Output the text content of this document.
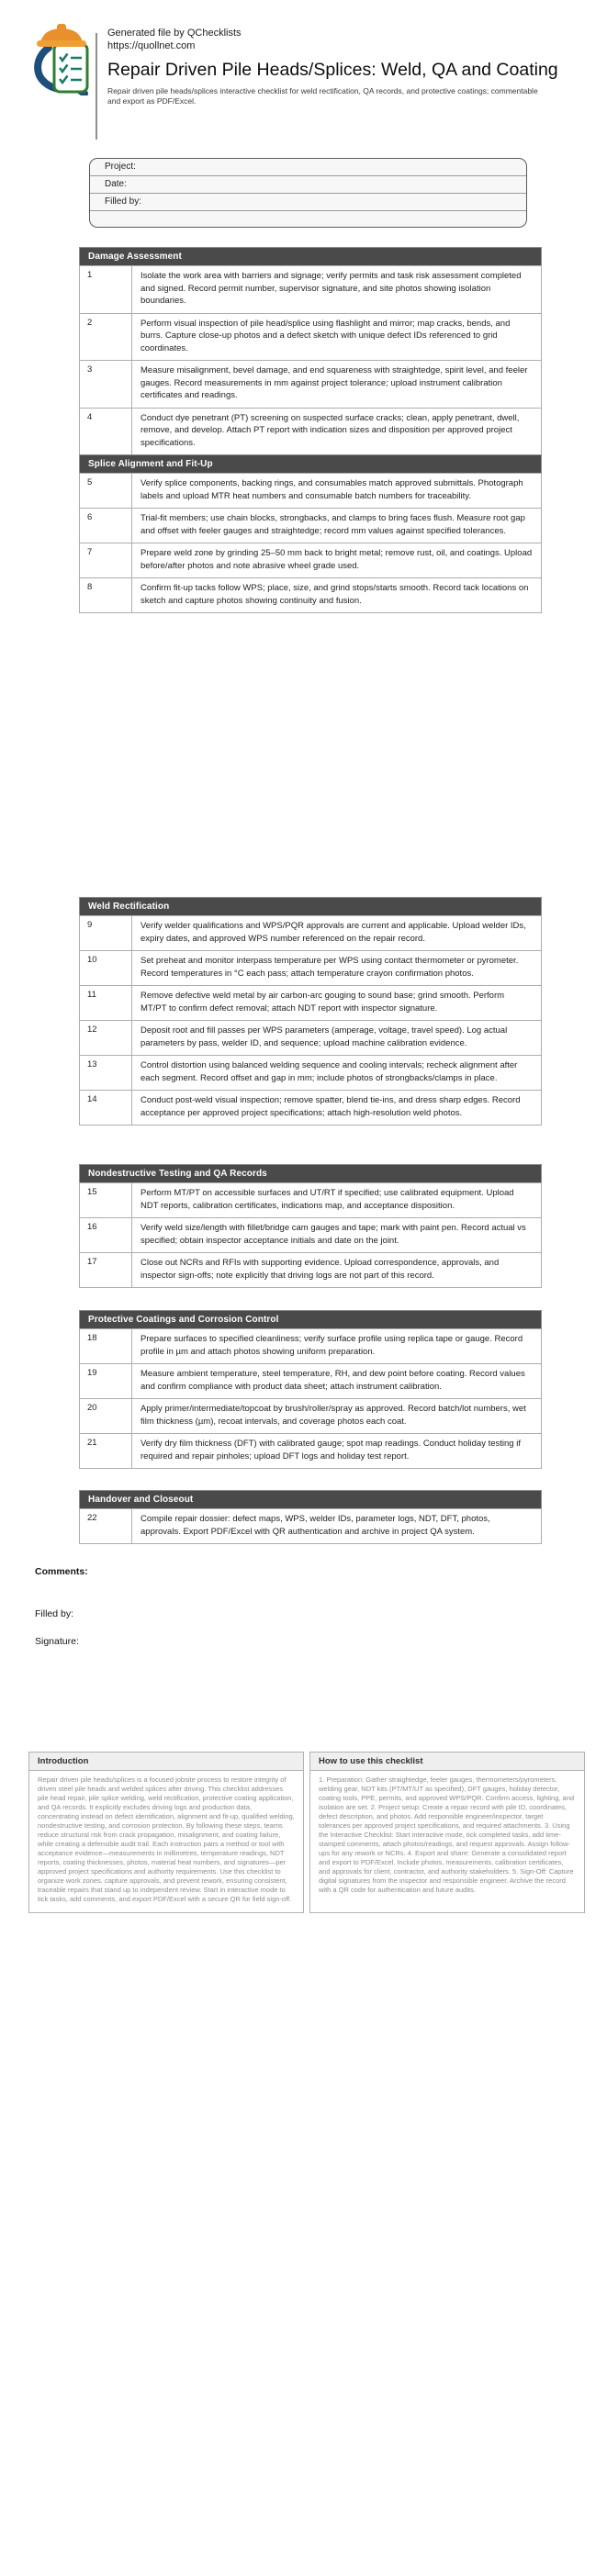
Generated file by QChecklists
https://quollnet.com
Repair Driven Pile Heads/Splices: Weld, QA and Coating
Repair driven pile heads/splices interactive checklist for weld rectification, QA records, and protective coatings; commentable and export as PDF/Excel.
Project:
Date:
Filled by:
Damage Assessment	
1	Isolate the work area with barriers and signage; verify permits and task risk assessment completed and signed. Record permit number, supervisor signature, and site photos showing isolation boundaries.
2	Perform visual inspection of pile head/splice using flashlight and mirror; map cracks, bends, and burrs. Capture close-up photos and a defect sketch with unique defect IDs referenced to grid coordinates.
3	Measure misalignment, bevel damage, and end squareness with straightedge, spirit level, and feeler gauges. Record measurements in mm against project tolerance; upload instrument calibration certificates and readings.
4	Conduct dye penetrant (PT) screening on suspected surface cracks; clean, apply penetrant, dwell, remove, and develop. Attach PT report with indication sizes and disposition per approved project specifications.
Splice Alignment and Fit-Up	
5	Verify splice components, backing rings, and consumables match approved submittals. Photograph labels and upload MTR heat numbers and consumable batch numbers for traceability.
6	Trial-fit members; use chain blocks, strongbacks, and clamps to bring faces flush. Measure root gap and offset with feeler gauges and straightedge; record mm values against specified tolerances.
7	Prepare weld zone by grinding 25–50 mm back to bright metal; remove rust, oil, and coatings. Upload before/after photos and note abrasive wheel grade used.
8	Confirm fit-up tacks follow WPS; place, size, and grind stops/starts smooth. Record tack locations on sketch and capture photos showing continuity and fusion.
Weld Rectification	
9	Verify welder qualifications and WPS/PQR approvals are current and applicable. Upload welder IDs, expiry dates, and approved WPS number referenced on the repair record.
10	Set preheat and monitor interpass temperature per WPS using contact thermometer or pyrometer. Record temperatures in °C each pass; attach temperature crayon confirmation photos.
11	Remove defective weld metal by air carbon-arc gouging to sound base; grind smooth. Perform MT/PT to confirm defect removal; attach NDT report with inspector signature.
12	Deposit root and fill passes per WPS parameters (amperage, voltage, travel speed). Log actual parameters by pass, welder ID, and sequence; upload machine calibration evidence.
13	Control distortion using balanced welding sequence and cooling intervals; recheck alignment after each segment. Record offset and gap in mm; include photos of strongbacks/clamps in place.
14	Conduct post-weld visual inspection; remove spatter, blend tie-ins, and dress sharp edges. Record acceptance per approved project specifications; attach high-resolution weld photos.
Nondestructive Testing and QA Records	
15	Perform MT/PT on accessible surfaces and UT/RT if specified; use calibrated equipment. Upload NDT reports, calibration certificates, indications map, and acceptance disposition.
16	Verify weld size/length with fillet/bridge cam gauges and tape; mark with paint pen. Record actual vs specified; obtain inspector acceptance initials and date on the joint.
17	Close out NCRs and RFIs with supporting evidence. Upload correspondence, approvals, and inspector sign-offs; note explicitly that driving logs are not part of this record.
Protective Coatings and Corrosion Control	
18	Prepare surfaces to specified cleanliness; verify surface profile using replica tape or gauge. Record profile in µm and attach photos showing uniform preparation.
19	Measure ambient temperature, steel temperature, RH, and dew point before coating. Record values and confirm compliance with product data sheet; attach instrument calibration.
20	Apply primer/intermediate/topcoat by brush/roller/spray as approved. Record batch/lot numbers, wet film thickness (µm), recoat intervals, and coverage photos each coat.
21	Verify dry film thickness (DFT) with calibrated gauge; spot map readings. Conduct holiday testing if required and repair pinholes; upload DFT logs and holiday test report.
Handover and Closeout
22	Compile repair dossier: defect maps, WPS, welder IDs, parameter logs, NDT, DFT, photos, approvals. Export PDF/Excel with QR authentication and archive in project QA system.
Comments:
Filled by:
Signature:
Introduction
Repair driven pile heads/splices is a focused jobsite process to restore integrity of driven steel pile heads and welded splices after driving. This checklist addresses pile head repair, pile splice welding, weld rectification, protective coating application, and QA records. It explicitly excludes driving logs and production data, concentrating instead on defect identification, alignment and fit-up, qualified welding, nondestructive testing, and corrosion protection. By following these steps, teams reduce structural risk from crack propagation, misalignment, and coating failure, while creating a defensible audit trail. Each instruction pairs a method or tool with acceptance evidence—measurements in millimetres, temperature readings, NDT reports, coating thicknesses, photos, material heat numbers, and signatures—per approved project specifications and authority requirements. Use this checklist to organize work zones, capture approvals, and prevent rework, ensuring consistent, traceable repairs that stand up to independent review. Start in interactive mode to tick tasks, add comments, and export PDF/Excel with a secure QR for field sign-off.
How to use this checklist
1. Preparation: Gather straightedge, feeler gauges, thermometers/pyrometers, welding gear, NDT kits (PT/MT/UT as specified), DFT gauges, holiday detector, coating tools, PPE, permits, and approved WPS/PQR. Confirm access, lighting, and isolation are set. 2. Project setup: Create a repair record with pile ID, coordinates, defect description, and photos. Add responsible engineer/inspector, target tolerances per approved project specifications, and required attachments. 3. Using the Interactive Checklist: Start interactive mode, tick completed tasks, add time-stamped comments, attach photos/readings, and request approvals. Assign follow-ups for any rework or NCRs. 4. Export and share: Generate a consolidated report and export to PDF/Excel. Include photos, measurements, calibration certificates, and approvals for client, contractor, and authority stakeholders. 5. Sign-Off: Capture digital signatures from the inspector and responsible engineer. Archive the record with a QR code for authentication and future audits.
